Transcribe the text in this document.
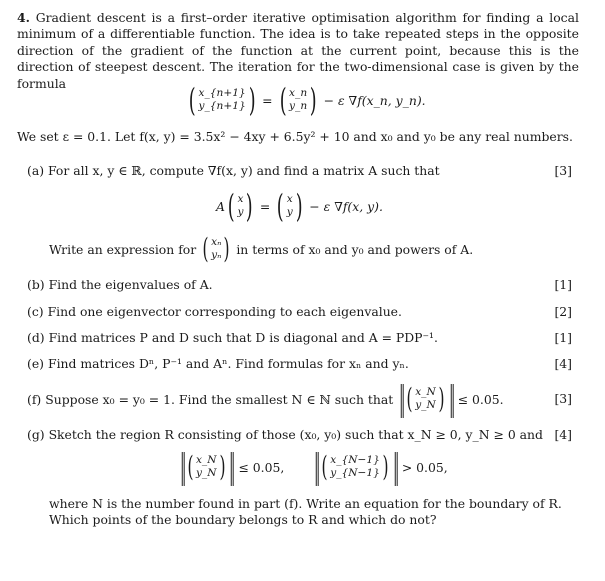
4. Gradient descent is a first–order iterative optimisation algorithm for finding a local minimum of a differentiable function. The idea is to take repeated steps in the opposite direction of the gradient of the function at the current point, because this is the direction of steepest descent. The iteration for the two-dimensional case is given by the formula	( x_{n+1}
y_{n+1} ) = ( x_n
y_n ) − ε ∇f(x_n, y_n).
We set ε = 0.1. Let f(x, y) = 3.5x² − 4xy + 6.5y² + 10 and x₀ and y₀ be any real numbers.
(a) For all x, y ∈ ℝ, compute ∇f(x, y) and find a matrix A such that	[3]
A ( x
y ) = ( x
y ) − ε ∇f(x, y).
Write an expression for ( xₙ
yₙ ) in terms of x₀ and y₀ and powers of A.
(b) Find the eigenvalues of A.	[1]
(c) Find one eigenvector corresponding to each eigenvalue.	[2]
(d) Find matrices P and D such that D is diagonal and A = PDP⁻¹.	[1]
(e) Find matrices Dⁿ, P⁻¹ and Aⁿ. Find formulas for xₙ and yₙ.	[4]
(f) Suppose x₀ = y₀ = 1. Find the smallest N ∈ ℕ such that ‖ ( x_N
y_N ) ‖ ≤ 0.05.	[3]
(g) Sketch the region R consisting of those (x₀, y₀) such that x_N ≥ 0, y_N ≥ 0 and [4]
‖ ( x_N
y_N ) ‖ ≤ 0.05, ‖ ( x_{N−1}
y_{N−1} ) ‖ > 0.05,
where N is the number found in part (f). Write an equation for the boundary of R.
Which points of the boundary belongs to R and which do not?
